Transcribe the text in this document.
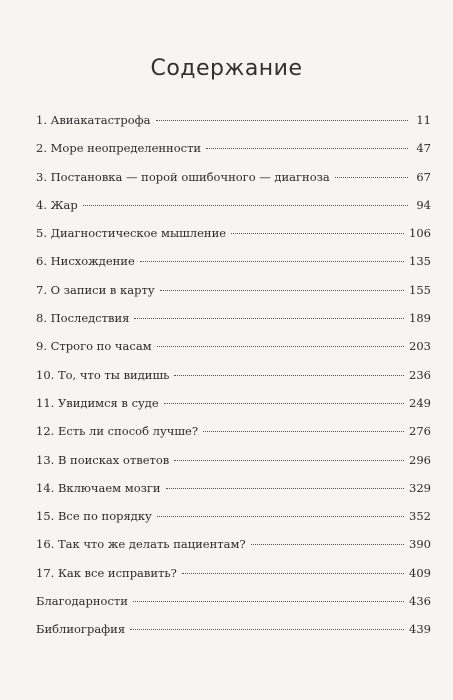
Содержание
1. Авиакатастрофа	11
2. Море неопределенности	47
3. Постановка — порой ошибочного — диагноза	67
4. Жар	94
5. Диагностическое мышление	106
6. Нисхождение	135
7. О записи в карту	155
8. Последствия	189
9. Строго по часам	203
10. То, что ты видишь	236
11. Увидимся в суде	249
12. Есть ли способ лучше?	276
13. В поисках ответов	296
14. Включаем мозги	329
15. Все по порядку	352
16. Так что же делать пациентам?	390
17. Как все исправить?	409
Благодарности	436
Библиография	439
